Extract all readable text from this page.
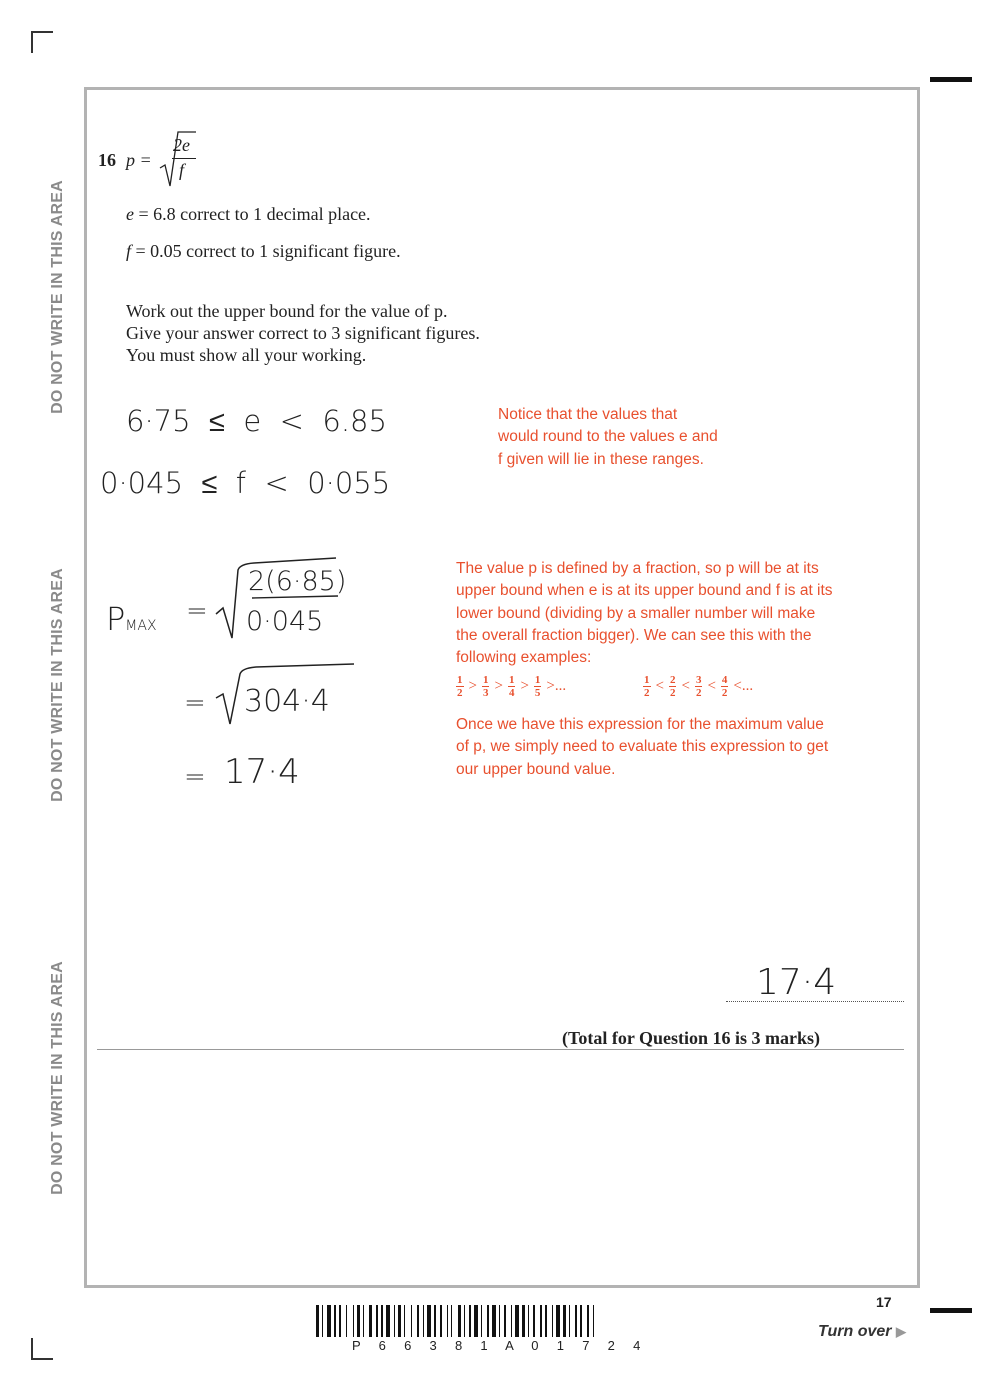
DO NOT WRITE IN THIS AREA
DO NOT WRITE IN THIS AREA
DO NOT WRITE IN THIS AREA
16 p =
2e
f
e = 6.8 correct to 1 decimal place.
f = 0.05 correct to 1 significant figure.
Work out the upper bound for the value of p.
Give your answer correct to 3 significant figures.
You must show all your working.
6·75  ≤  e  <  6.85
0·045  ≤  f  <  0·055
Notice that the values that
would round to the values e and
f given will lie in these ranges.
PMAX =
2(6·85)
0·045
= 304·4
= 17·4
The value p is defined by a fraction, so p will be at its
upper bound when e is at its upper bound and f is at its
lower bound (dividing by a smaller number will make
the overall fraction bigger). We can see this with the
following examples:
$\frac{1}{2} > \frac{1}{3} > \frac{1}{4} > \frac{1}{5}$ >...	$\frac{1}{2} < \frac{2}{2} < \frac{3}{2} < \frac{4}{2}$ <...
Once we have this expression for the maximum value
of p, we simply need to evaluate this expression to get
our upper bound value.
17·4
(Total for Question 16 is 3 marks)
17
Turn over ▶
P 6 6 3 8 1 A 0 1 7 2 4
